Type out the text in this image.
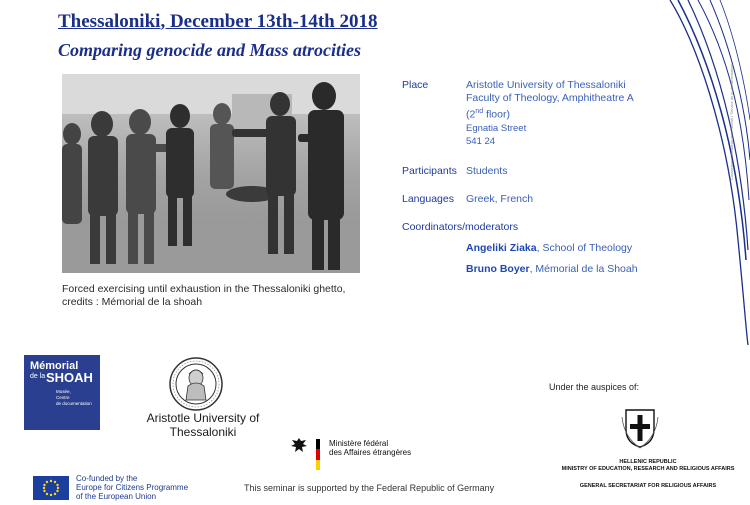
Thessaloniki, December 13th-14th 2018
Comparing genocide and Mass atrocities
Forced exercising until exhaustion in the Thessaloniki ghetto,
credits : Mémorial de la shoah
Place	Aristotle University of Thessaloniki
Faculty of Theology, Amphitheatre A
(2nd floor)
Egnatia Street
541 24
Participants Students
Languages Greek, French
Coordinators/moderators
Angeliki Ziaka, School of Theology
Bruno Boyer, Mémorial de la Shoah
Couverture : Mémorial de la Shoah / Service de la documentation
Mémorial
de la SHOAH
Musée,
Centre
de documentation
Aristotle University of
Thessaloniki
Ministère fédéral
des Affaires étrangères
Under the auspices of:
HELLENIC REPUBLIC
MINISTRY OF EDUCATION, RESEARCH AND RELIGIOUS AFFAIRS
GENERAL SECRETARIAT FOR RELIGIOUS AFFAIRS
Co-funded by the
Europe for Citizens Programme
of the European Union
This seminar is supported by the Federal Republic of Germany
